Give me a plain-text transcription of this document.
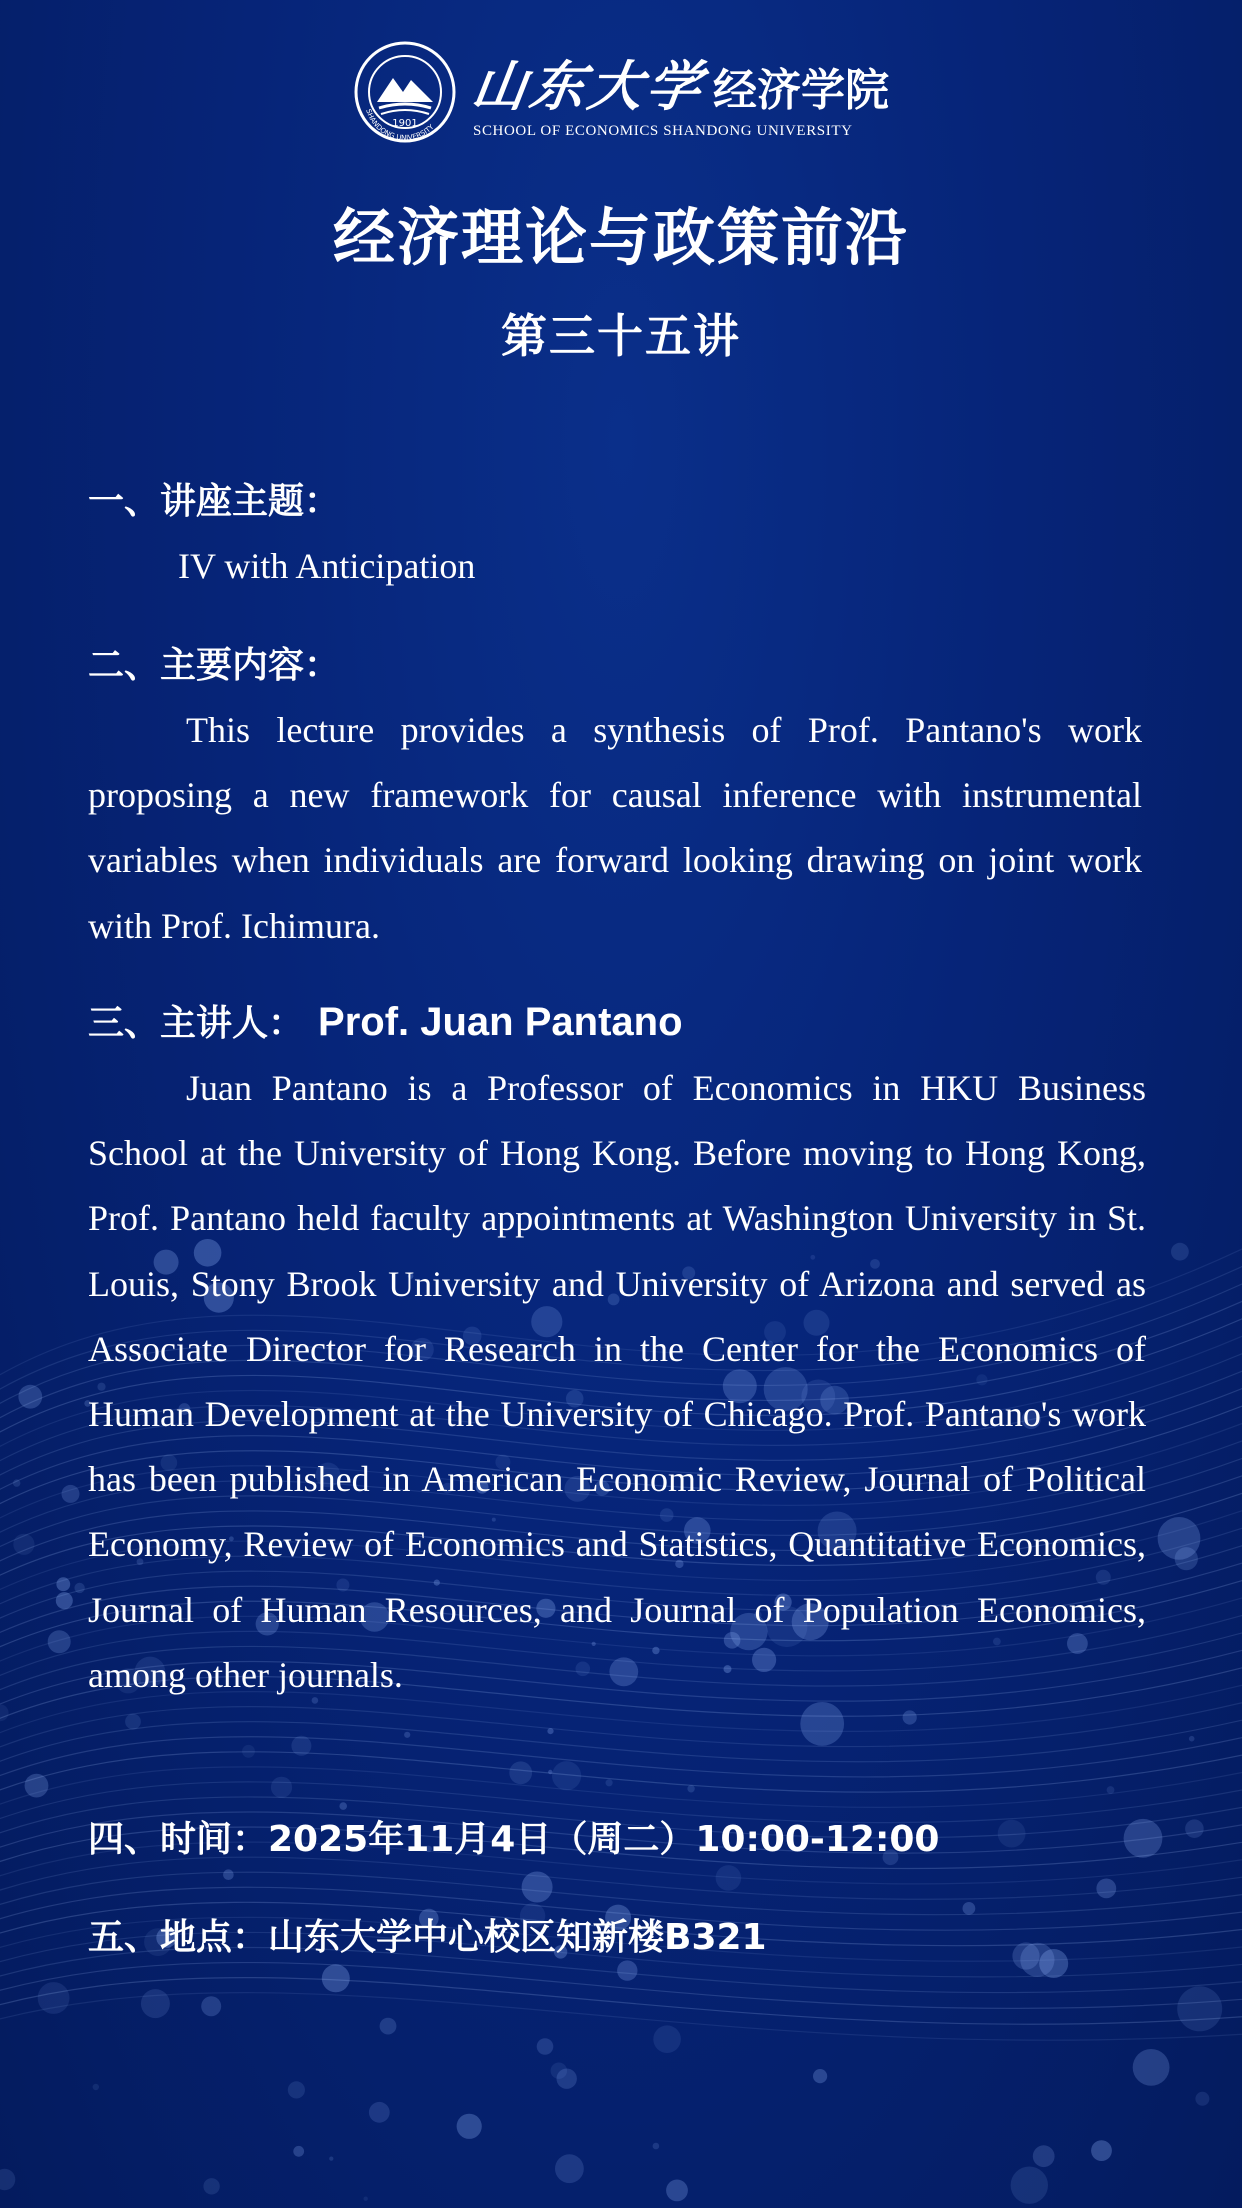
1901
SHANDONG UNIVERSITY
山东大学 经济学院
SCHOOL OF ECONOMICS SHANDONG UNIVERSITY
经济理论与政策前沿
第三十五讲
一、讲座主题：
IV with Anticipation
二、主要内容：
This lecture provides a synthesis of Prof. Pantano's work proposing a new framework for causal inference with instrumental variables when individuals are forward looking drawing on joint work with Prof. Ichimura.
三、主讲人： Prof. Juan Pantano
Juan Pantano is a Professor of Economics in HKU Business School at the University of Hong Kong. Before moving to Hong Kong, Prof. Pantano held faculty appointments at Washington University in St. Louis, Stony Brook University and University of Arizona and served as Associate Director for Research in the Center for the Economics of Human Development at the University of Chicago. Prof. Pantano's work has been published in American Economic Review, Journal of Political Economy, Review of Economics and Statistics, Quantitative Economics, Journal of Human Resources, and Journal of Population Economics, among other journals.
四、时间：2025年11月4日（周二）10:00-12:00
五、地点：山东大学中心校区知新楼B321
